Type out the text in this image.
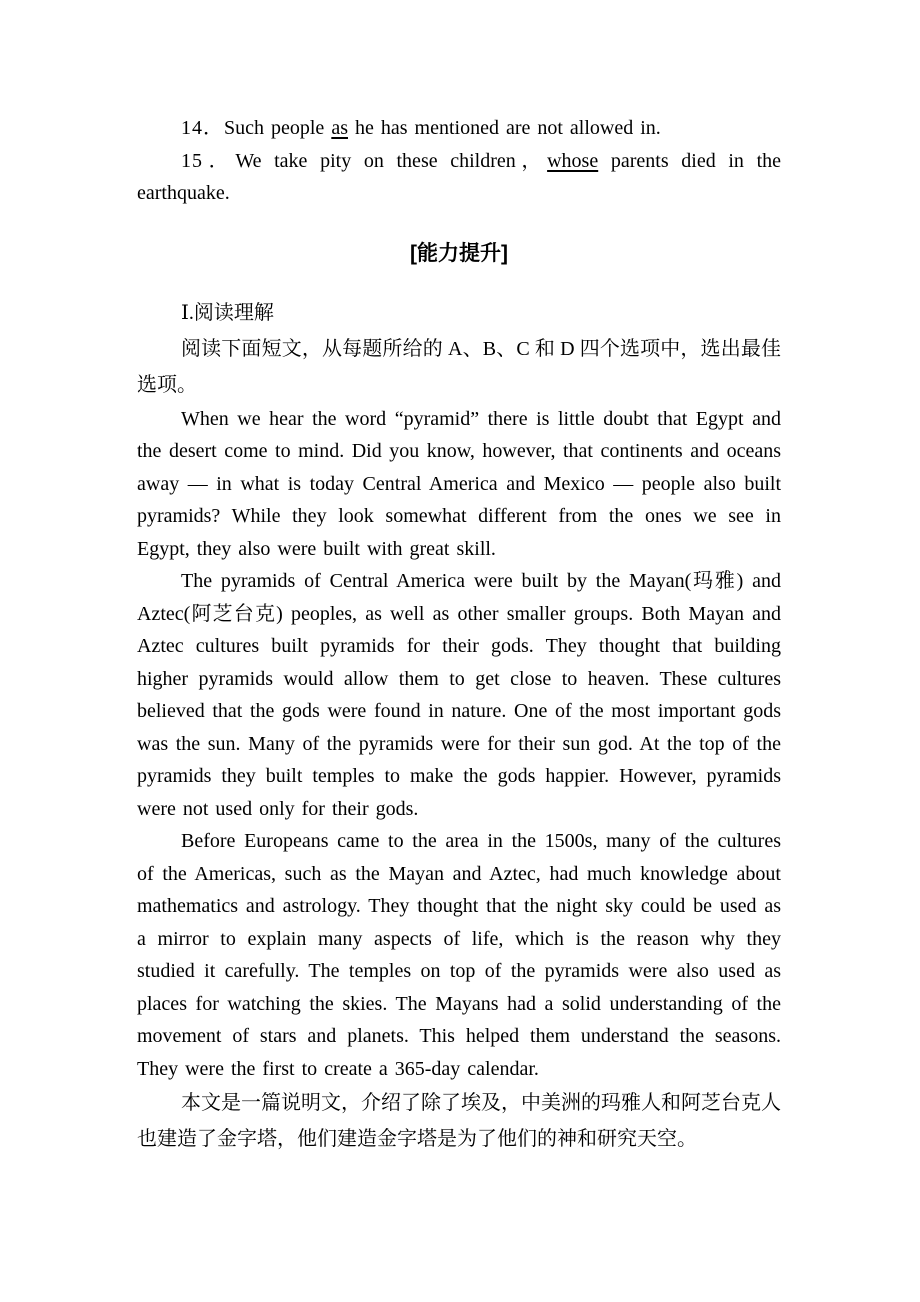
14．Such people as he has mentioned are not allowed in.

15．We take pity on these children，whose parents died in the earthquake.

[能力提升]

Ⅰ.阅读理解

阅读下面短文，从每题所给的 A、B、C 和 D 四个选项中，选出最佳选项。

When we hear the word “pyramid” there is little doubt that Egypt and the desert come to mind. Did you know, however, that continents and oceans away — in what is today Central America and Mexico — people also built pyramids? While they look somewhat different from the ones we see in Egypt, they also were built with great skill.

The pyramids of Central America were built by the Mayan(玛雅) and Aztec(阿芝台克) peoples, as well as other smaller groups. Both Mayan and Aztec cultures built pyramids for their gods. They thought that building higher pyramids would allow them to get close to heaven. These cultures believed that the gods were found in nature. One of the most important gods was the sun. Many of the pyramids were for their sun god. At the top of the pyramids they built temples to make the gods happier. However, pyramids were not used only for their gods.

Before Europeans came to the area in the 1500s, many of the cultures of the Americas, such as the Mayan and Aztec, had much knowledge about mathematics and astrology. They thought that the night sky could be used as a mirror to explain many aspects of life, which is the reason why they studied it carefully. The temples on top of the pyramids were also used as places for watching the skies. The Mayans had a solid understanding of the movement of stars and planets. This helped them understand the seasons. They were the first to create a 365-day calendar.

本文是一篇说明文，介绍了除了埃及，中美洲的玛雅人和阿芝台克人也建造了金字塔，他们建造金字塔是为了他们的神和研究天空。
